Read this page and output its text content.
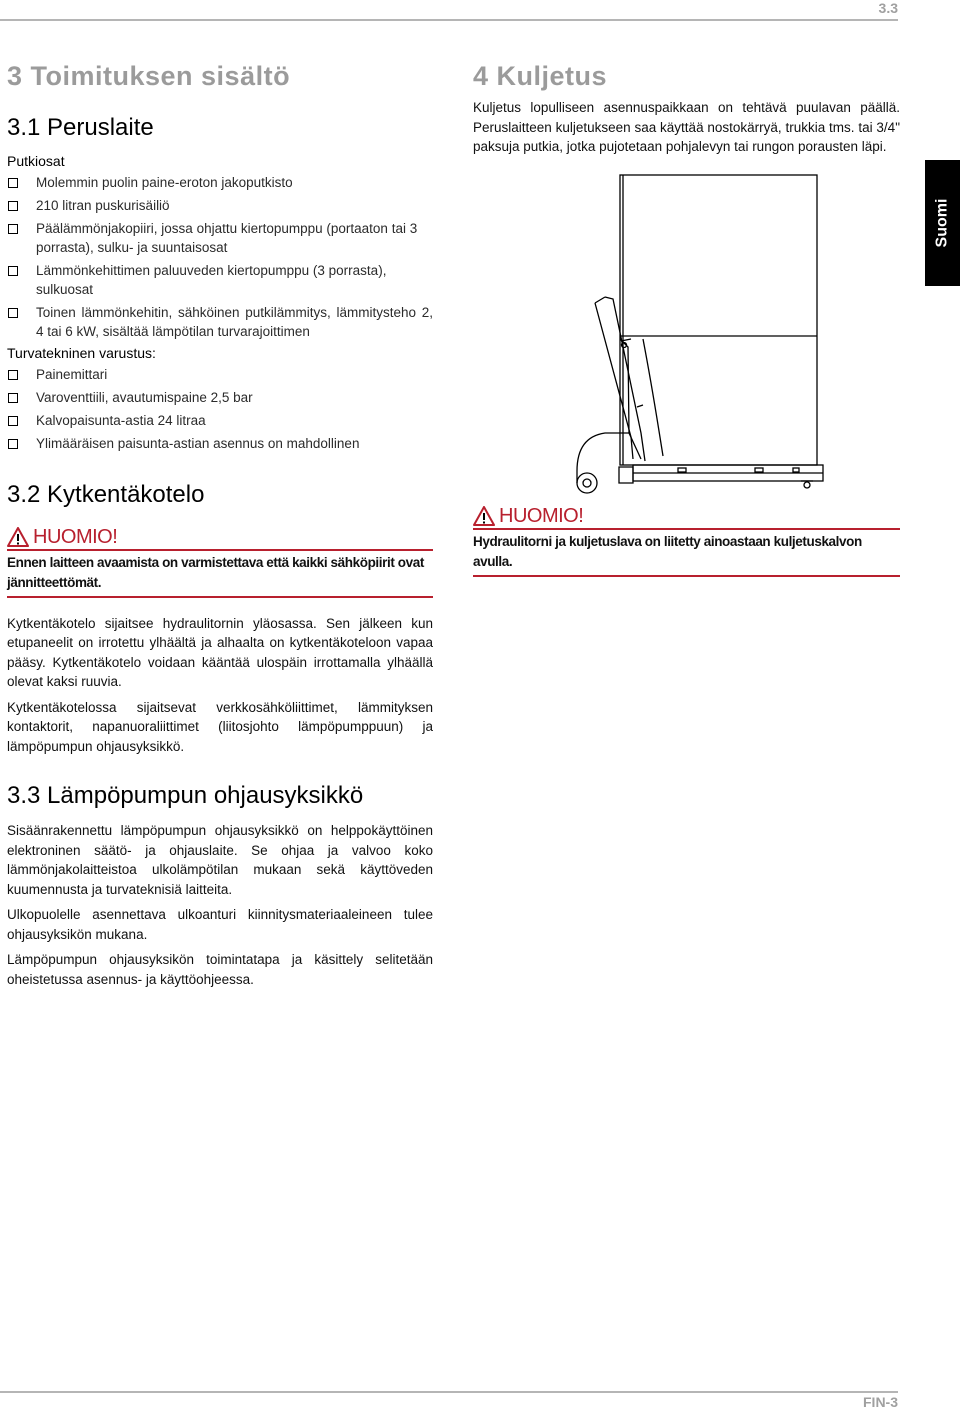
3.3
Suomi
3 Toimituksen sisältö
3.1 Peruslaite
Putkiosat
Molemmin puolin paine-eroton jakoputkisto
210 litran puskurisäiliö
Päälämmönjakopiiri, jossa ohjattu kiertopumppu (portaaton tai 3 porrasta), sulku- ja suuntaisosat
Lämmönkehittimen paluuveden kiertopumppu (3 porrasta), sulkuosat
Toinen lämmönkehitin, sähköinen putkilämmitys, lämmitysteho 2, 4 tai 6 kW, sisältää lämpötilan turvarajoittimen
Turvatekninen varustus:
Painemittari
Varoventtiili, avautumispaine 2,5 bar
Kalvopaisunta-astia 24 litraa
Ylimääräisen paisunta-astian asennus on mahdollinen
3.2 Kytkentäkotelo
HUOMIO!
Ennen laitteen avaamista on varmistettava että kaikki sähköpiirit ovat jännitteettömät.

Kytkentäkotelo sijaitsee hydraulitornin yläosassa. Sen jälkeen kun etupaneelit on irrotettu ylhäältä ja alhaalta on kytkentäkoteloon vapaa pääsy. Kytkentäkotelo voidaan kääntää ulospäin irrottamalla ylhäällä olevat kaksi ruuvia.

Kytkentäkotelossa sijaitsevat verkkosähköliittimet, lämmityksen kontaktorit, napanuoraliittimet (liitosjohto lämpöpumppuun) ja lämpöpumpun ohjausyksikkö.

3.3 Lämpöpumpun ohjausyksikkö

Sisäänrakennettu lämpöpumpun ohjausyksikkö on helppokäyttöinen elektroninen säätö- ja ohjauslaite. Se ohjaa ja valvoo koko lämmönjakolaitteistoa ulkolämpötilan mukaan sekä käyttöveden kuumennusta ja turvateknisiä laitteita.

Ulkopuolelle asennettava ulkoanturi kiinnitysmateriaaleineen tulee ohjausyksikön mukana.

Lämpöpumpun ohjausyksikön toimintatapa ja käsittely selitetään oheistetussa asennus- ja käyttöohjeessa.

4 Kuljetus

Kuljetus lopulliseen asennuspaikkaan on tehtävä puulavan päällä. Peruslaitteen kuljetukseen saa käyttää nostokärryä, trukkia tms. tai 3/4" paksuja putkia, jotka pujotetaan pohjalevyn tai rungon porausten läpi.

HUOMIO!
Hydraulitorni ja kuljetuslava on liitetty ainoastaan kuljetuskalvon avulla.
FIN-3
